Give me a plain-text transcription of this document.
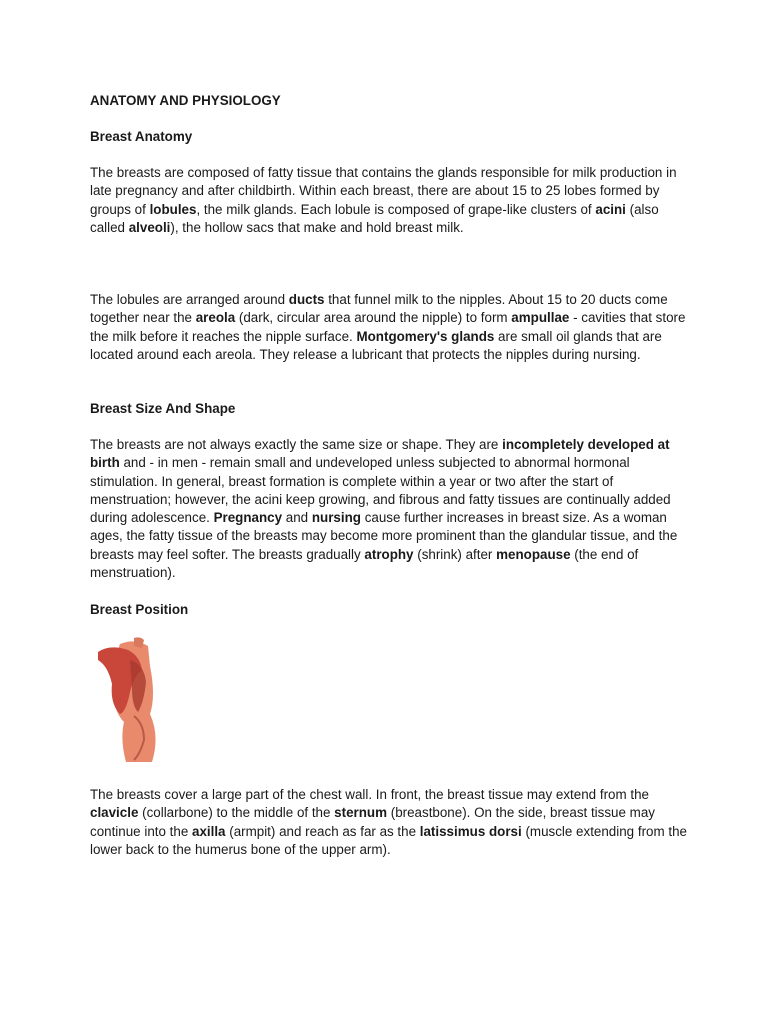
ANATOMY AND PHYSIOLOGY
Breast Anatomy
The breasts are composed of fatty tissue that contains the glands responsible for milk production in late pregnancy and after childbirth. Within each breast, there are about 15 to 25 lobes formed by groups of lobules, the milk glands. Each lobule is composed of grape-like clusters of acini (also called alveoli), the hollow sacs that make and hold breast milk.
The lobules are arranged around ducts that funnel milk to the nipples. About 15 to 20 ducts come together near the areola (dark, circular area around the nipple) to form ampullae - cavities that store the milk before it reaches the nipple surface. Montgomery's glands are small oil glands that are located around each areola. They release a lubricant that protects the nipples during nursing.
Breast Size And Shape
The breasts are not always exactly the same size or shape. They are incompletely developed at birth and - in men - remain small and undeveloped unless subjected to abnormal hormonal stimulation. In general, breast formation is complete within a year or two after the start of menstruation; however, the acini keep growing, and fibrous and fatty tissues are continually added during adolescence. Pregnancy and nursing cause further increases in breast size. As a woman ages, the fatty tissue of the breasts may become more prominent than the glandular tissue, and the breasts may feel softer. The breasts gradually atrophy (shrink) after menopause (the end of menstruation).
Breast Position
The breasts cover a large part of the chest wall. In front, the breast tissue may extend from the clavicle (collarbone) to the middle of the sternum (breastbone). On the side, breast tissue may continue into the axilla (armpit) and reach as far as the latissimus dorsi (muscle extending from the lower back to the humerus bone of the upper arm).
